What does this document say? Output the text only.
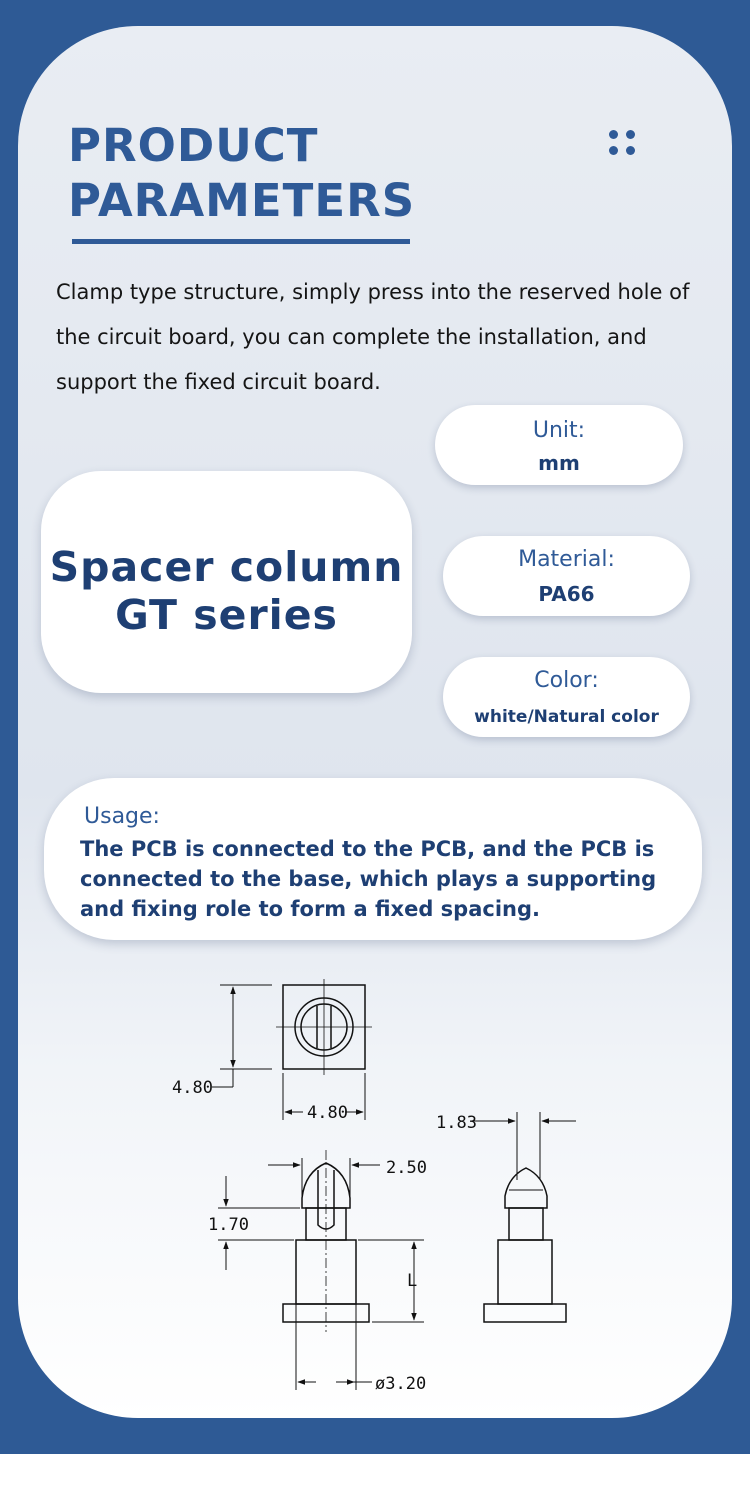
PRODUCT
PARAMETERS

Clamp type structure, simply press into the reserved hole of the circuit board, you can complete the installation, and support the fixed circuit board.

Unit:
mm
Spacer column
GT series
Material:
PA66
Color:
white/Natural color
Usage:
The PCB is connected to the PCB, and the PCB is connected to the base, which plays a supporting and fixing role to form a fixed spacing.
4.80
4.80
2.50
1.70
L
ø3.20
1.83
